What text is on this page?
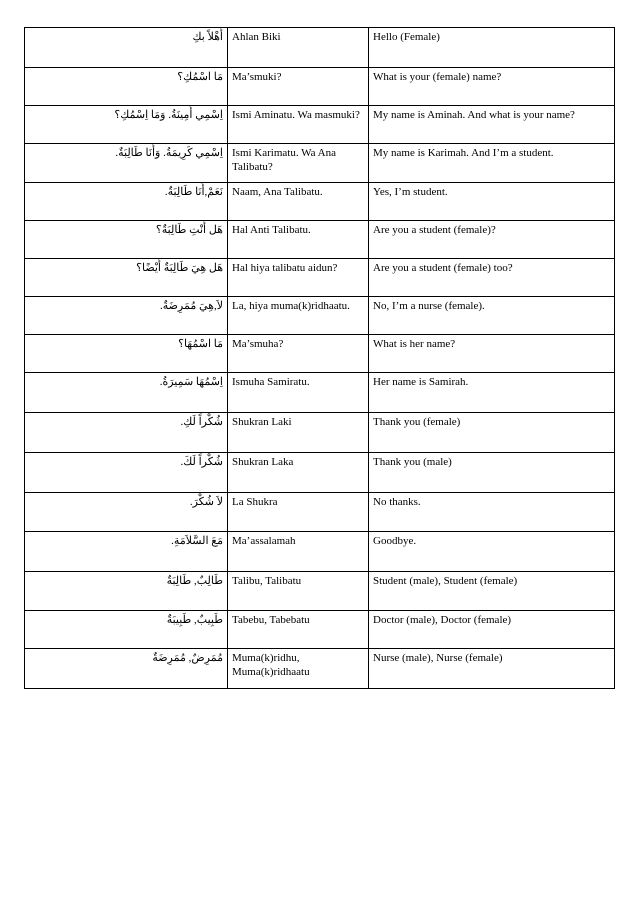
أَهْلاً بكِ	Ahlan Biki	Hello (Female)
مَا اسْمُكِ؟	Ma’smuki?	What is your (female) name?
اِسْمِي أَمِينَةُ. وَمَا اِسْمُكِ؟	Ismi Aminatu. Wa masmuki?	My name is Aminah. And what is your name?
اِسْمِي كَرِيمَةُ. وَأَنَا طَالِبَةٌ.	Ismi Karimatu. Wa Ana Talibatu?	My name is Karimah. And I’m a student.
نَعَمْ,أَنَا طَالِبَةٌ.	Naam, Ana Talibatu.	Yes, I’m student.
هَل أَنْتِ طَالِبَةٌ؟	Hal Anti Talibatu.	Are you a student (female)?
هَل هِيَ طَالِبَةٌ أَيْضًا؟	Hal hiya talibatu aidun?	Are you a student (female) too?
لاَ,هِيَ مُمَرِضَةٌ.	La, hiya muma(k)ridhaatu.	No, I’m a nurse (female).
مَا اسْمُهَا؟	Ma’smuha?	What is her name?
اِسْمُهَا سَمِيرَةُ.	Ismuha Samiratu.	Her name is Samirah.
شُكْراً لَكِ.	Shukran Laki	Thank you (female)
شُكْراً لَكَ.	Shukran Laka	Thank you (male)
لاَ شُكْرَ.	La Shukra	No thanks.
مَعَ السَّلاَمَةِ.	Ma’assalamah	Goodbye.
طَالِبٌ, طَالِبَةٌ	Talibu, Talibatu	Student (male), Student (female)
طَبِيبٌ, طَبِيبَةٌ	Tabebu, Tabebatu	Doctor (male), Doctor (female)
مُمَرِضٌ, مُمَرِضَةٌ	Muma(k)ridhu, Muma(k)ridhaatu	Nurse (male), Nurse (female)
